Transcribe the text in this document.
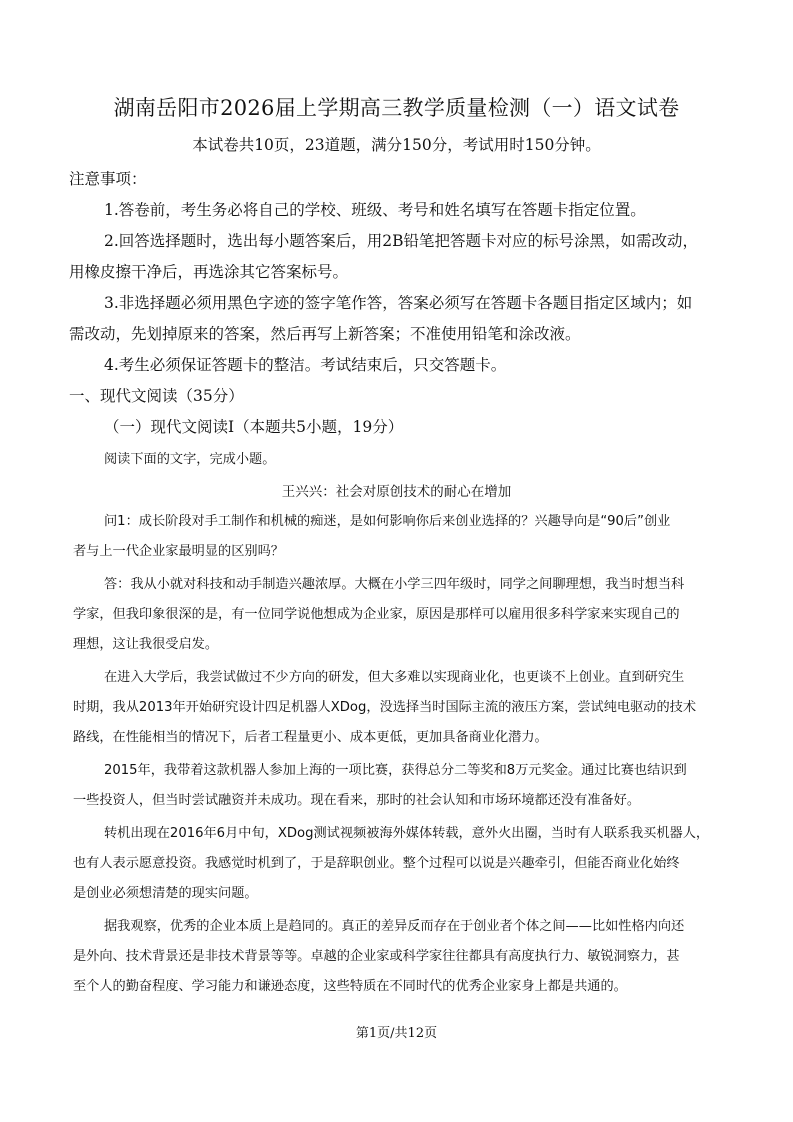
湖南岳阳市2026届上学期高三教学质量检测（一）语文试卷
本试卷共10页，23道题，满分150分，考试用时150分钟。
注意事项：
1.答卷前，考生务必将自己的学校、班级、考号和姓名填写在答题卡指定位置。
2.回答选择题时，选出每小题答案后，用2B铅笔把答题卡对应的标号涂黑，如需改动，
用橡皮擦干净后，再选涂其它答案标号。
3.非选择题必须用黑色字迹的签字笔作答，答案必须写在答题卡各题目指定区域内；如
需改动，先划掉原来的答案，然后再写上新答案；不准使用铅笔和涂改液。
4.考生必须保证答题卡的整洁。考试结束后，只交答题卡。
一、现代文阅读（35分）
（一）现代文阅读Ⅰ（本题共5小题，19分）
阅读下面的文字，完成小题。
王兴兴：社会对原创技术的耐心在增加
问1：成长阶段对手工制作和机械的痴迷，是如何影响你后来创业选择的？兴趣导向是“90后”创业
者与上一代企业家最明显的区别吗？
答：我从小就对科技和动手制造兴趣浓厚。大概在小学三四年级时，同学之间聊理想，我当时想当科
学家，但我印象很深的是，有一位同学说他想成为企业家，原因是那样可以雇用很多科学家来实现自己的
理想，这让我很受启发。
在进入大学后，我尝试做过不少方向的研发，但大多难以实现商业化，也更谈不上创业。直到研究生
时期，我从2013年开始研究设计四足机器人XDog，没选择当时国际主流的液压方案，尝试纯电驱动的技术
路线，在性能相当的情况下，后者工程量更小、成本更低，更加具备商业化潜力。
2015年，我带着这款机器人参加上海的一项比赛，获得总分二等奖和8万元奖金。通过比赛也结识到
一些投资人，但当时尝试融资并未成功。现在看来，那时的社会认知和市场环境都还没有准备好。
转机出现在2016年6月中旬，XDog测试视频被海外媒体转载，意外火出圈，当时有人联系我买机器人，
也有人表示愿意投资。我感觉时机到了，于是辞职创业。整个过程可以说是兴趣牵引，但能否商业化始终
是创业必须想清楚的现实问题。
据我观察，优秀的企业本质上是趋同的。真正的差异反而存在于创业者个体之间——比如性格内向还
是外向、技术背景还是非技术背景等等。卓越的企业家或科学家往往都具有高度执行力、敏锐洞察力，甚
至个人的勤奋程度、学习能力和谦逊态度，这些特质在不同时代的优秀企业家身上都是共通的。
第1页/共12页
